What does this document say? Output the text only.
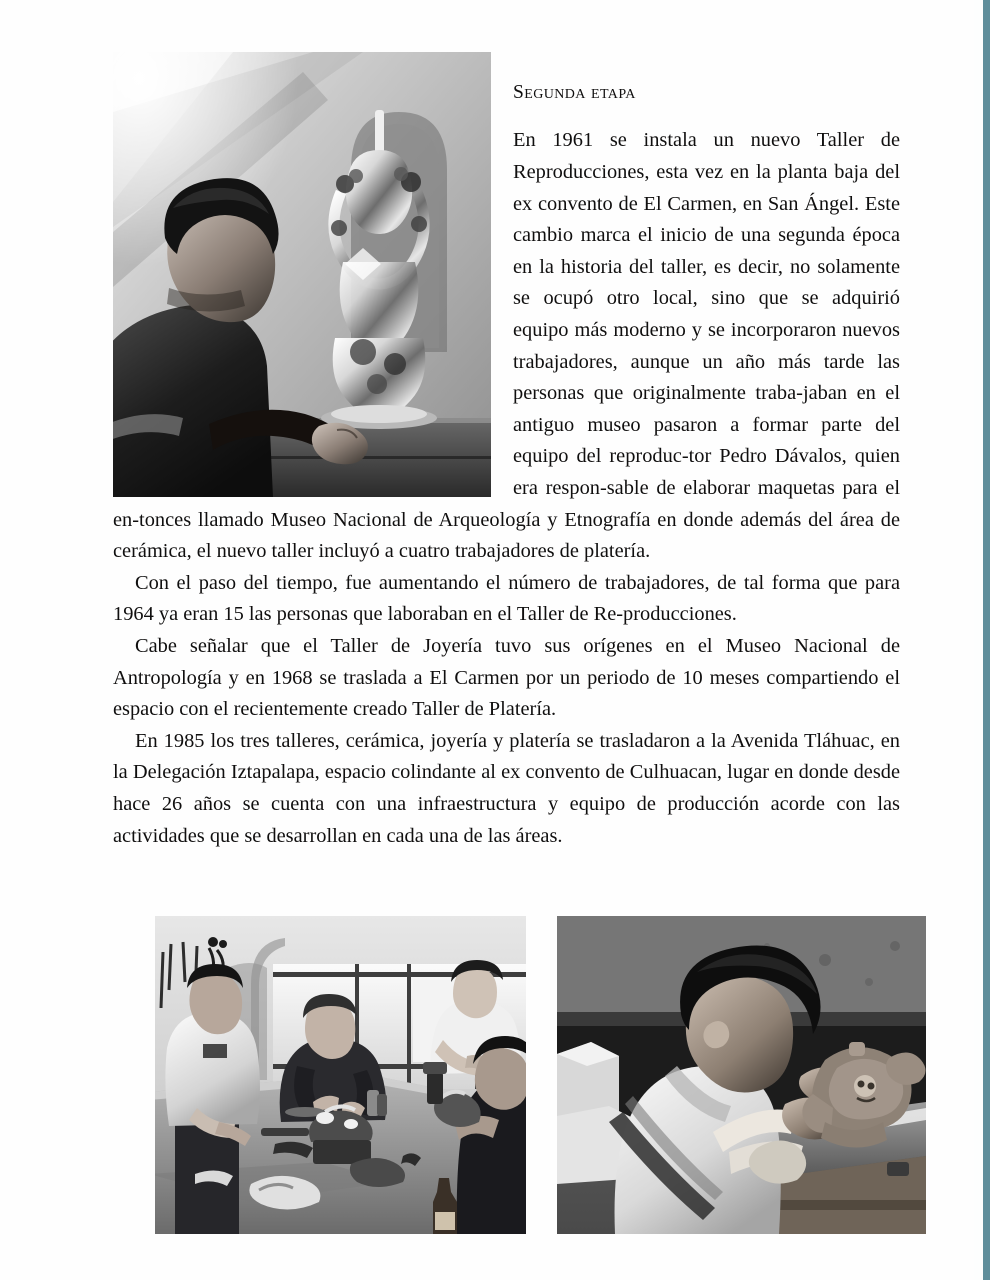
Segunda etapa

En 1961 se instala un nuevo Taller de Reproducciones, esta vez en la planta baja del ex convento de El Carmen, en San Ángel. Este cambio marca el inicio de una segunda época en la historia del taller, es decir, no solamente se ocupó otro local, sino que se adquirió equipo más moderno y se incorporaron nuevos trabajadores, aunque un año más tarde las personas que originalmente traba-jaban en el antiguo museo pasaron a formar parte del equipo del reproduc-tor Pedro Dávalos, quien era respon-sable de elaborar maquetas para el en-tonces llamado Museo Nacional de Arqueología y Etnografía en donde además del área de cerámica, el nuevo taller incluyó a cuatro trabajadores de platería.

Con el paso del tiempo, fue aumentando el número de trabajadores, de tal forma que para 1964 ya eran 15 las personas que laboraban en el Taller de Re-producciones.

Cabe señalar que el Taller de Joyería tuvo sus orígenes en el Museo Nacional de Antropología y en 1968 se traslada a El Carmen por un periodo de 10 meses compartiendo el espacio con el recientemente creado Taller de Platería.

En 1985 los tres talleres, cerámica, joyería y platería se trasladaron a la Avenida Tláhuac, en la Delegación Iztapalapa, espacio colindante al ex convento de Culhuacan, lugar en donde desde hace 26 años se cuenta con una infraestructura y equipo de producción acorde con las actividades que se desarrollan en cada una de las áreas.
